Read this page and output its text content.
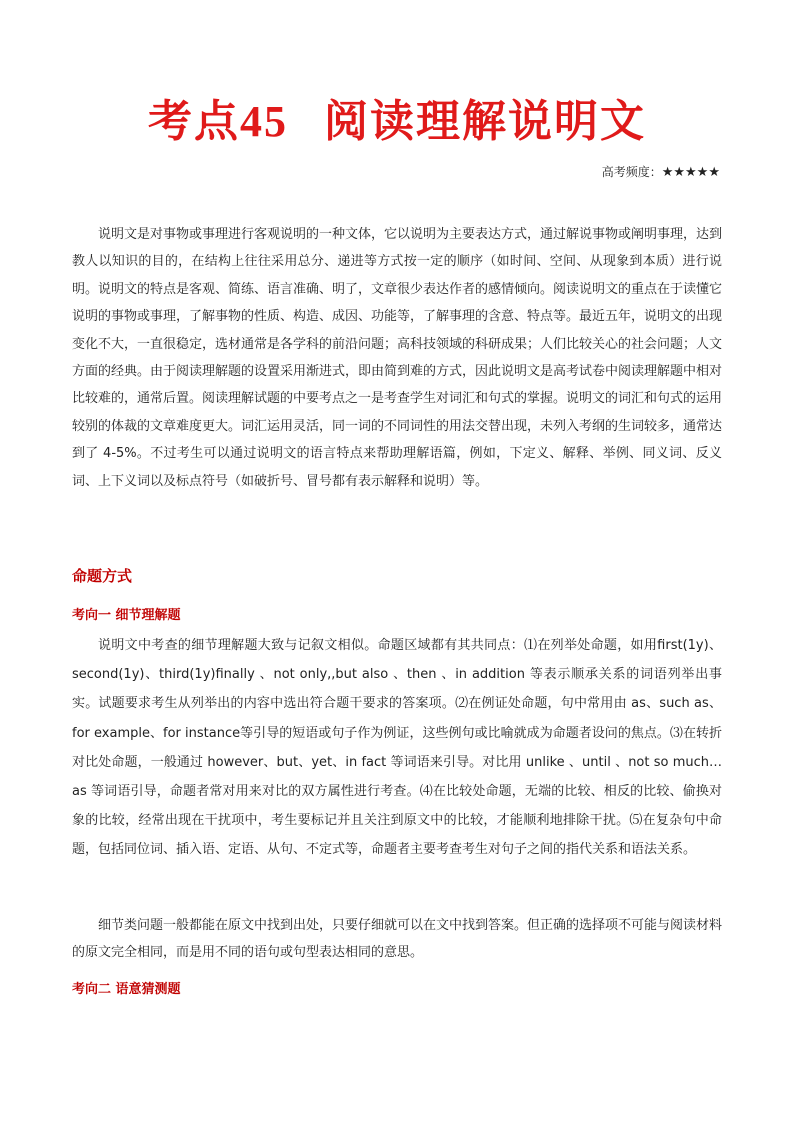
考点45 阅读理解说明文
高考频度：★★★★★

说明文是对事物或事理进行客观说明的一种文体，它以说明为主要表达方式，通过解说事物或阐明事理，达到教人以知识的目的，在结构上往往采用总分、递进等方式按一定的顺序（如时间、空间、从现象到本质）进行说明。说明文的特点是客观、简练、语言准确、明了，文章很少表达作者的感情倾向。阅读说明文的重点在于读懂它说明的事物或事理，了解事物的性质、构造、成因、功能等，了解事理的含意、特点等。最近五年，说明文的出现变化不大，一直很稳定，选材通常是各学科的前沿问题；高科技领域的科研成果；人们比较关心的社会问题；人文方面的经典。由于阅读理解题的设置采用渐进式，即由简到难的方式，因此说明文是高考试卷中阅读理解题中相对比较难的，通常后置。阅读理解试题的中要考点之一是考查学生对词汇和句式的掌握。说明文的词汇和句式的运用较别的体裁的文章难度更大。词汇运用灵活，同一词的不同词性的用法交替出现，未列入考纲的生词较多，通常达到了 4-5%。不过考生可以通过说明文的语言特点来帮助理解语篇，例如，下定义、解释、举例、同义词、反义词、上下义词以及标点符号（如破折号、冒号都有表示解释和说明）等。

命题方式
考向一 细节理解题

说明文中考查的细节理解题大致与记叙文相似。命题区域都有其共同点：⑴在列举处命题，如用first(1y)、second(1y)、third(1y)finally 、not only,,but also 、then 、in addition 等表示顺承关系的词语列举出事实。试题要求考生从列举出的内容中选出符合题干要求的答案项。⑵在例证处命题，句中常用由 as、such as、for example、for instance等引导的短语或句子作为例证，这些例句或比喻就成为命题者设问的焦点。⑶在转折对比处命题，一般通过 however、but、yet、in fact 等词语来引导。对比用 unlike 、until 、not so much…as 等词语引导，命题者常对用来对比的双方属性进行考查。⑷在比较处命题，无端的比较、相反的比较、偷换对象的比较，经常出现在干扰项中，考生要标记并且关注到原文中的比较，才能顺利地排除干扰。⑸在复杂句中命题，包括同位词、插入语、定语、从句、不定式等，命题者主要考查考生对句子之间的指代关系和语法关系。

细节类问题一般都能在原文中找到出处，只要仔细就可以在文中找到答案。但正确的选择项不可能与阅读材料的原文完全相同，而是用不同的语句或句型表达相同的意思。

考向二 语意猜测题
